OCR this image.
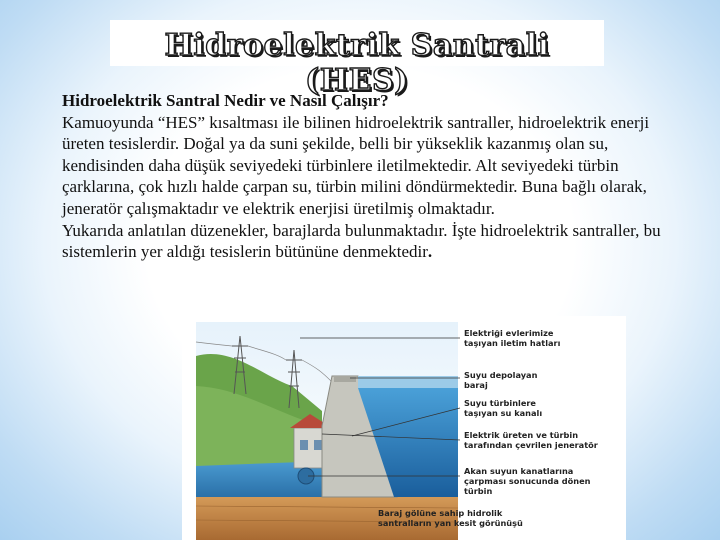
Hidroelektrik Santrali (HES)

Hidroelektrik Santral Nedir ve Nasıl Çalışır?

Kamuoyunda “HES” kısaltması ile bilinen hidroelektrik santraller, hidroelektrik enerji üreten tesislerdir. Doğal ya da suni şekilde, belli bir yükseklik kazanmış olan su, kendisinden daha düşük seviyedeki türbinlere iletilmektedir. Alt seviyedeki türbin çarklarına, çok hızlı halde çarpan su, türbin milini döndürmektedir. Buna bağlı olarak, jeneratör çalışmaktadır ve elektrik enerjisi üretilmiş olmaktadır.

Yukarıda anlatılan düzenekler, barajlarda bulunmaktadır. İşte hidroelektrik santraller, bu sistemlerin yer aldığı tesislerin bütününe denmektedir.

Elektriği evlerimize
taşıyan iletim hatları
Suyu depolayan
baraj
Suyu türbinlere
taşıyan su kanalı
Elektrik üreten ve türbin
tarafından çevrilen jeneratör
Akan suyun kanatlarına
çarpması sonucunda dönen
türbin
Baraj gölüne sahip hidrolik
santralların yan kesit görünüşü
